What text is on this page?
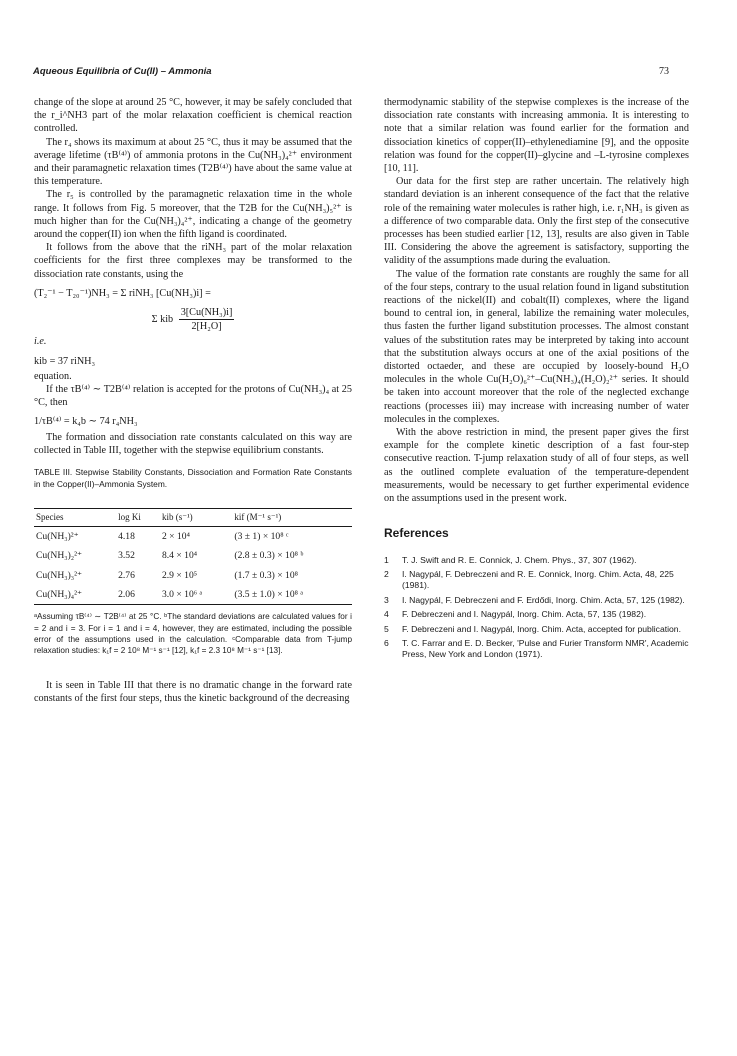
Aqueous Equilibria of Cu(II) – Ammonia	73

change of the slope at around 25 °C, however, it may be safely concluded that the r_i^NH3 part of the molar relaxation coefficient is chemical reaction controlled.

The r₄ shows its maximum at about 25 °C, thus it may be assumed that the average lifetime (τB⁽⁴⁾) of ammonia protons in the Cu(NH₃)₄²⁺ environment and their paramagnetic relaxation times (T2B⁽⁴⁾) have about the same value at this temperature.

The r₅ is controlled by the paramagnetic relaxation time in the whole range. It follows from Fig. 5 moreover, that the T2B for the Cu(NH₃)₅²⁺ is much higher than for the Cu(NH₃)₄²⁺, indicating a change of the geometry around the copper(II) ion when the fifth ligand is coordinated.

It follows from the above that the riNH₃ part of the molar relaxation coefficients for the first three complexes may be transformed to the dissociation rate constants, using the

(T₂⁻¹ − T₂₀⁻¹)NH₃ = Σ riNH₃ [Cu(NH₃)i] =

Σ kib $\frac{\text{3[Cu(NH₃)i]}}{\text{2[H₂O]}}$

i.e.

kib = 37 riNH₃

equation.

If the τB⁽⁴⁾ ∼ T2B⁽⁴⁾ relation is accepted for the protons of Cu(NH₃)₄ at 25 °C, then

1/τB⁽⁴⁾ = k₄b ∼ 74 r₄NH₃

The formation and dissociation rate constants calculated on this way are collected in Table III, together with the stepwise equilibrium constants.

TABLE III. Stepwise Stability Constants, Dissociation and Formation Rate Constants in the Copper(II)–Ammonia System.
Species	log Ki	kib (s⁻¹)	kif (M⁻¹ s⁻¹)
Cu(NH₃)²⁺	4.18	2 × 10⁴	(3 ± 1) × 10⁸ ᶜ
Cu(NH₃)₂²⁺	3.52	8.4 × 10⁴	(2.8 ± 0.3) × 10⁸ ᵇ
Cu(NH₃)₃²⁺	2.76	2.9 × 10⁵	(1.7 ± 0.3) × 10⁸
Cu(NH₃)₄²⁺	2.06	3.0 × 10⁶ ᵃ	(3.5 ± 1.0) × 10⁸ ᵃ
ᵃAssuming τB⁽⁴⁾ ∼ T2B⁽⁴⁾ at 25 °C. ᵇThe standard deviations are calculated values for i = 2 and i = 3. For i = 1 and i = 4, however, they are estimated, including the possible error of the assumptions used in the calculation. ᶜComparable data from T-jump relaxation studies: k₁f = 2 10⁸ M⁻¹ s⁻¹ [12], k₁f = 2.3 10⁸ M⁻¹ s⁻¹ [13].

It is seen in Table III that there is no dramatic change in the forward rate constants of the first four steps, thus the kinetic background of the decreasing

thermodynamic stability of the stepwise complexes is the increase of the dissociation rate constants with increasing ammonia. It is interesting to note that a similar relation was found earlier for the formation and dissociation kinetics of copper(II)–ethylenediamine [9], and the opposite relation was found for the copper(II)–glycine and –L-tyrosine complexes [10, 11].

Our data for the first step are rather uncertain. The relatively high standard deviation is an inherent consequence of the fact that the relative role of the remaining water molecules is rather high, i.e. r₁NH₃ is given as a difference of two comparable data. Only the first step of the consecutive processes has been studied earlier [12, 13], results are also given in Table III. Considering the above the agreement is satisfactory, supporting the validity of the assumptions made during the evaluation.

The value of the formation rate constants are roughly the same for all of the four steps, contrary to the usual relation found in ligand substitution reactions of the nickel(II) and cobalt(II) complexes, where the ligand bound to central ion, in general, labilize the remaining water molecules, thus fasten the further ligand substitution processes. The almost constant values of the substitution rates may be interpreted by taking into account that the substitution always occurs at one of the axial positions of the distorted octaeder, and these are occupied by loosely-bound H₂O molecules in the whole Cu(H₂O)₆²⁺–Cu(NH₃)₄(H₂O)₂²⁺ series. It should be taken into account moreover that the role of the neglected exchange reactions (processes iii) may increase with increasing number of water molecules in the complexes.

With the above restriction in mind, the present paper gives the first example for the complete kinetic description of a fast four-step consecutive reaction. T-jump relaxation study of all of four steps, as well as the outlined complete evaluation of the temperature-dependent measurements, would be necessary to get further experimental evidence on the assumptions used in the present work.

References
1 T. J. Swift and R. E. Connick, J. Chem. Phys., 37, 307 (1962).
2 I. Nagypál, F. Debreczeni and R. E. Connick, Inorg. Chim. Acta, 48, 225 (1981).
3 I. Nagypál, F. Debreczeni and F. Erdődi, Inorg. Chim. Acta, 57, 125 (1982).
4 F. Debreczeni and I. Nagypál, Inorg. Chim. Acta, 57, 135 (1982).
5 F. Debreczeni and I. Nagypál, Inorg. Chim. Acta, accepted for publication.
6 T. C. Farrar and E. D. Becker, 'Pulse and Furier Transform NMR', Academic Press, New York and London (1971).
